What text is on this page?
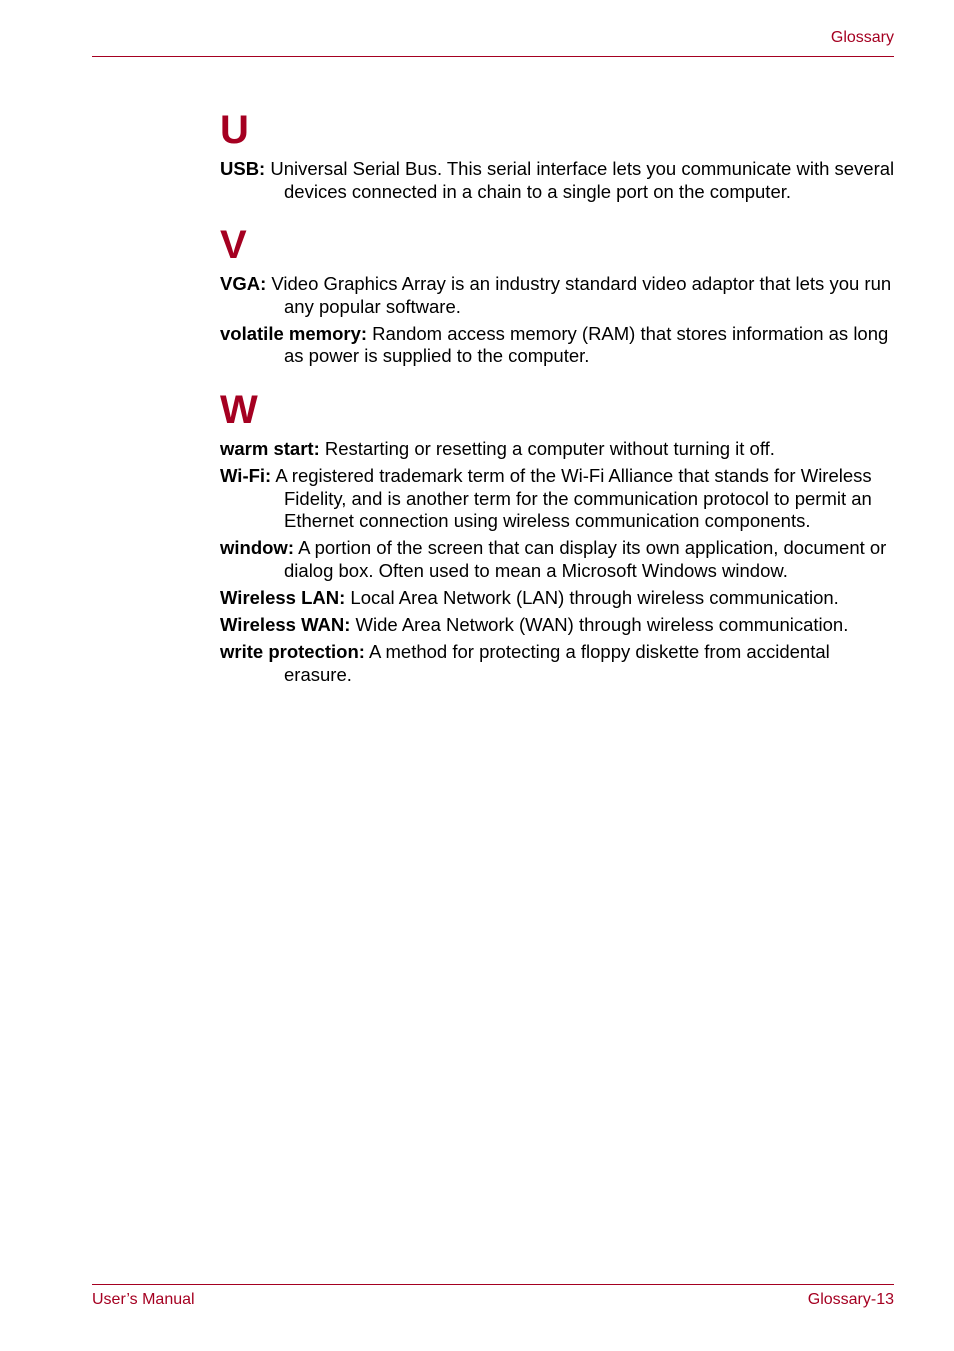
Glossary
U

USB: Universal Serial Bus. This serial interface lets you communicate with several devices connected in a chain to a single port on the computer.

V

VGA: Video Graphics Array is an industry standard video adaptor that lets you run any popular software.

volatile memory: Random access memory (RAM) that stores information as long as power is supplied to the computer.

W

warm start: Restarting or resetting a computer without turning it off.

Wi-Fi: A registered trademark term of the Wi-Fi Alliance that stands for Wireless Fidelity, and is another term for the communication protocol to permit an Ethernet connection using wireless communication components.

window: A portion of the screen that can display its own application, document or dialog box. Often used to mean a Microsoft Windows window.

Wireless LAN: Local Area Network (LAN) through wireless communication.

Wireless WAN: Wide Area Network (WAN) through wireless communication.

write protection: A method for protecting a floppy diskette from accidental erasure.

User’s Manual	Glossary-13
